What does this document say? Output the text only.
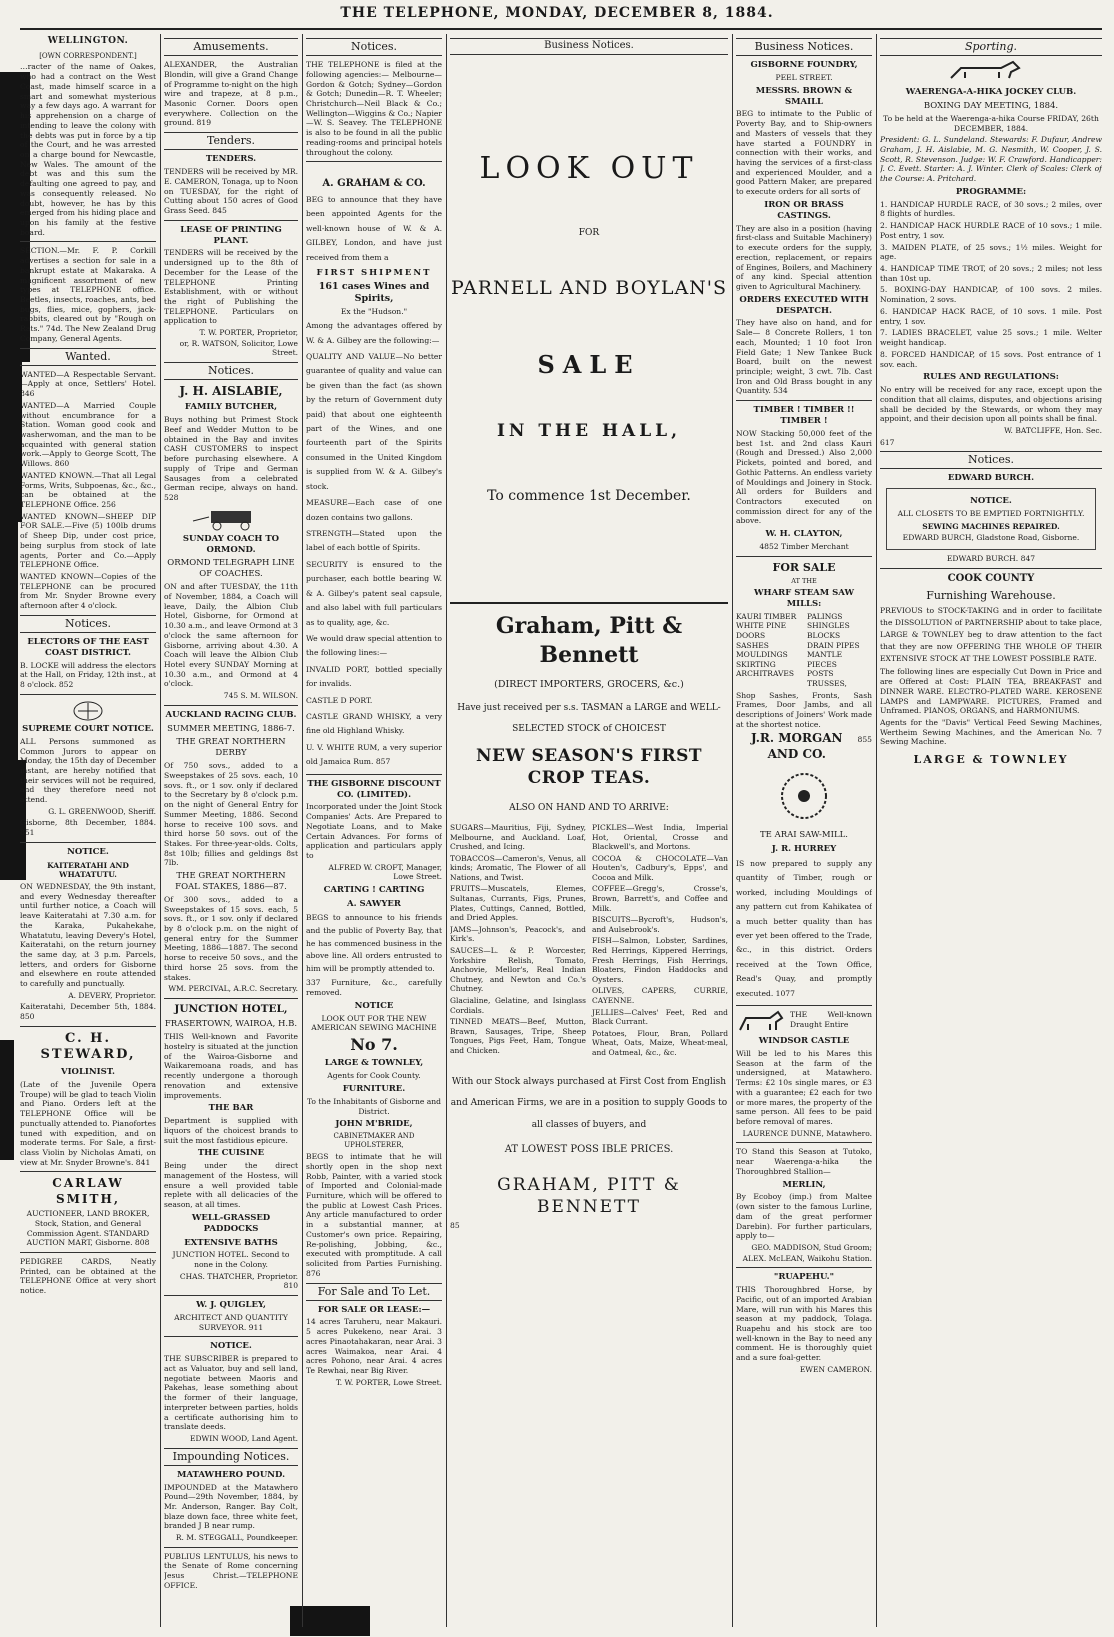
THE TELEPHONE, MONDAY, DECEMBER 8, 1884.
WELLINGTON.
[OWN CORRESPONDENT.]
…racter of the name of Oakes, who had a contract on the West Coast, made himself scarce in a smart and somewhat mysterious way a few days ago. A warrant for his apprehension on a charge of intending to leave the colony with the debts was put in force by a tip of the Court, and he was arrested on a charge bound for Newcastle, New Wales. The amount of the debt was and this sum the defaulting one agreed to pay, and was consequently released. No doubt, however, he has by this emerged from his hiding place and upon his family at the festive board.
SECTION.—Mr. F. P. Corkill advertises a section for sale in a bankrupt estate at Makaraka. A magnificent assortment of new types at TELEPHONE office. Beetles, insects, roaches, ants, bed bugs, flies, mice, gophers, jack-rabbits, cleared out by "Rough on Rats." 74d. The New Zealand Drug Company, General Agents.
Wanted.
WANTED—A Respectable Servant.—Apply at once, Settlers' Hotel. 846
WANTED—A Married Couple without encumbrance for a Station. Woman good cook and washerwoman, and the man to be acquainted with general station work.—Apply to George Scott, The Willows. 860
WANTED KNOWN.—That all Legal Forms, Writs, Subpoenas, &c., &c., can be obtained at the TELEPHONE Office. 256
WANTED KNOWN—SHEEP DIP FOR SALE.—Five (5) 100lb drums of Sheep Dip, under cost price, being surplus from stock of late agents, Porter and Co.—Apply TELEPHONE Office.
WANTED KNOWN—Copies of the TELEPHONE can be procured from Mr. Snyder Browne every afternoon after 4 o'clock.
Notices.
ELECTORS OF THE EAST COAST DISTRICT.
B. LOCKE will address the electors at the Hall, on Friday, 12th inst., at 8 o'clock. 852
SUPREME COURT NOTICE.
ALL Persons summoned as Common Jurors to appear on Monday, the 15th day of December instant, are hereby notified that their services will not be required, and they therefore need not attend.
G. L. GREENWOOD, Sheriff.
Gisborne, 8th December, 1884. 851
NOTICE.
KAITERATAHI AND WHATATUTU.
ON WEDNESDAY, the 9th instant, and every Wednesday thereafter until further notice, a Coach will leave Kaiteratahi at 7.30 a.m. for the Karaka, Pukahekahe, Whatatutu, leaving Devery's Hotel, Kaiteratahi, on the return journey the same day, at 3 p.m. Parcels, letters, and orders for Gisborne and elsewhere en route attended to carefully and punctually.
A. DEVERY, Proprietor.
Kaiteratahi, December 5th, 1884. 850
C. H. STEWARD,
VIOLINIST.
(Late of the Juvenile Opera Troupe) will be glad to teach Violin and Piano. Orders left at the TELEPHONE Office will be punctually attended to. Pianofortes tuned with expedition, and on moderate terms. For Sale, a first-class Violin by Nicholas Amati, on view at Mr. Snyder Browne's. 841
CARLAW SMITH,
AUCTIONEER, LAND BROKER, Stock, Station, and General Commission Agent. STANDARD AUCTION MART, Gisborne. 808
PEDIGREE CARDS, Neatly Printed, can be obtained at the TELEPHONE Office at very short notice.
Amusements.
ALEXANDER, the Australian Blondin, will give a Grand Change of Programme to-night on the high wire and trapeze, at 8 p.m., Masonic Corner. Doors open everywhere. Collection on the ground. 819
Tenders.
TENDERS.
TENDERS will be received by MR. E. CAMERON, Tonaga, up to Noon on TUESDAY, for the right of Cutting about 150 acres of Good Grass Seed. 845
LEASE OF PRINTING PLANT.
TENDERS will be received by the undersigned up to the 8th of December for the Lease of the TELEPHONE Printing Establishment, with or without the right of Publishing the TELEPHONE. Particulars on application to
T. W. PORTER, Proprietor,
or, R. WATSON, Solicitor, Lowe Street.
Notices.
J. H. AISLABIE,
FAMILY BUTCHER,
Buys nothing but Primest Stock Beef and Wedder Mutton to be obtained in the Bay and invites CASH CUSTOMERS to inspect before purchasing elsewhere. A supply of Tripe and German Sausages from a celebrated German recipe, always on hand. 528
SUNDAY COACH TO ORMOND.
ORMOND TELEGRAPH LINE OF COACHES.
ON and after TUESDAY, the 11th of November, 1884, a Coach will leave, Daily, the Albion Club Hotel, Gisborne, for Ormond at 10.30 a.m., and leave Ormond at 3 o'clock the same afternoon for Gisborne, arriving about 4.30. A Coach will leave the Albion Club Hotel every SUNDAY Morning at 10.30 a.m., and Ormond at 4 o'clock.
745 S. M. WILSON.
AUCKLAND RACING CLUB.
SUMMER MEETING, 1886-7.
THE GREAT NORTHERN DERBY
Of 750 sovs., added to a Sweepstakes of 25 sovs. each, 10 sovs. ft., or 1 sov. only if declared to the Secretary by 8 o'clock p.m. on the night of General Entry for Summer Meeting, 1886. Second horse to receive 100 sovs. and third horse 50 sovs. out of the Stakes. For three-year-olds. Colts, 8st 10lb; fillies and geldings 8st 7lb.
THE GREAT NORTHERN FOAL STAKES, 1886—87.
Of 300 sovs., added to a Sweepstakes of 15 sovs. each, 5 sovs. ft., or 1 sov. only if declared by 8 o'clock p.m. on the night of general entry for the Summer Meeting, 1886—1887. The second horse to receive 50 sovs., and the third horse 25 sovs. from the stakes.
WM. PERCIVAL, A.R.C. Secretary.
JUNCTION HOTEL,
FRASERTOWN, WAIROA, H.B.
THIS Well-known and Favorite hostelry is situated at the junction of the Wairoa-Gisborne and Waikaremoana roads, and has recently undergone a thorough renovation and extensive improvements.
THE BAR
Department is supplied with liquors of the choicest brands to suit the most fastidious epicure.
THE CUISINE
Being under the direct management of the Hostess, will ensure a well provided table replete with all delicacies of the season, at all times.
WELL-GRASSED PADDOCKS
EXTENSIVE BATHS
JUNCTION HOTEL. Second to none in the Colony.
CHAS. THATCHER, Proprietor. 810
W. J. QUIGLEY,
ARCHITECT AND QUANTITY SURVEYOR. 911
NOTICE.
THE SUBSCRIBER is prepared to act as Valuator, buy and sell land, negotiate between Maoris and Pakehas, lease something about the former of their language, interpreter between parties, holds a certificate authorising him to translate deeds.
EDWIN WOOD, Land Agent.
Impounding Notices.
MATAWHERO POUND.
IMPOUNDED at the Matawhero Pound—29th November, 1884, by Mr. Anderson, Ranger. Bay Colt, blaze down face, three white feet, branded J B near rump.
R. M. STEGGALL, Poundkeeper.
PUBLIUS LENTULUS, his news to the Senate of Rome concerning Jesus Christ.—TELEPHONE OFFICE.
Notices.
THE TELEPHONE is filed at the following agencies:— Melbourne—Gordon & Gotch; Sydney—Gordon & Gotch; Dunedin—R. T. Wheeler; Christchurch—Neil Black & Co.; Wellington—Wiggins & Co.; Napier—W. S. Seavey. The TELEPHONE is also to be found in all the public reading-rooms and principal hotels throughout the colony.
A. GRAHAM & CO.
BEG to announce that they have been appointed Agents for the well-known house of W. & A. GILBEY, London, and have just received from them a
FIRST SHIPMENT
161 cases Wines and Spirits,
Ex the "Hudson."
Among the advantages offered by W. & A. Gilbey are the following:—
QUALITY AND VALUE—No better guarantee of quality and value can be given than the fact (as shown by the return of Government duty paid) that about one eighteenth part of the Wines, and one fourteenth part of the Spirits consumed in the United Kingdom is supplied from W. & A. Gilbey's stock.
MEASURE—Each case of one dozen contains two gallons.
STRENGTH—Stated upon the label of each bottle of Spirits.
SECURITY is ensured to the purchaser, each bottle bearing W. & A. Gilbey's patent seal capsule, and also label with full particulars as to quality, age, &c.
We would draw special attention to the following lines:—
INVALID PORT, bottled specially for invalids.
CASTLE D PORT.
CASTLE GRAND WHISKY, a very fine old Highland Whisky.
U. V. WHITE RUM, a very superior old Jamaica Rum. 857
THE GISBORNE DISCOUNT CO. (LIMITED).
Incorporated under the Joint Stock Companies' Acts. Are Prepared to Negotiate Loans, and to Make Certain Advances. For forms of application and particulars apply to
ALFRED W. CROFT, Manager, Lowe Street.
CARTING ! CARTING
A. SAWYER
BEGS to announce to his friends and the public of Poverty Bay, that he has commenced business in the above line. All orders entrusted to him will be promptly attended to.
337 Furniture, &c., carefully removed.
NOTICE
LOOK OUT FOR THE NEW AMERICAN SEWING MACHINE
No 7.
LARGE & TOWNLEY,
Agents for Cook County.
FURNITURE.
To the Inhabitants of Gisborne and District.
JOHN M'BRIDE,
CABINETMAKER AND UPHOLSTERER,
BEGS to intimate that he will shortly open in the shop next Robb, Painter, with a varied stock of Imported and Colonial-made Furniture, which will be offered to the public at Lowest Cash Prices. Any article manufactured to order in a substantial manner, at Customer's own price. Repairing, Re-polishing, Jobbing, &c., executed with promptitude. A call solicited from Parties Furnishing. 876
For Sale and To Let.
FOR SALE OR LEASE:—
14 acres Taruheru, near Makauri. 5 acres Pukekeno, near Arai. 3 acres Pinaotahakaran, near Arai. 3 acres Waimakoa, near Arai. 4 acres Pohono, near Arai. 4 acres Te Rewhai, near Big River.
T. W. PORTER, Lowe Street.
Business Notices.
LOOK OUT
FOR
PARNELL AND BOYLAN'S
SALE
IN THE HALL,
To commence 1st December.
Graham, Pitt & Bennett
(DIRECT IMPORTERS, GROCERS, &c.)
Have just received per s.s. TASMAN a LARGE and WELL-
SELECTED STOCK of CHOICEST
NEW SEASON'S FIRST CROP TEAS.
ALSO ON HAND AND TO ARRIVE:
SUGARS—Mauritius, Fiji, Sydney, Melbourne, and Auckland. Loaf, Crushed, and Icing.
TOBACCOS—Cameron's, Venus, all kinds; Aromatic, The Flower of all Nations, and Twist.
FRUITS—Muscatels, Elemes, Sultanas, Currants, Figs, Prunes, Plates, Cuttings, Canned, Bottled, and Dried Apples.
JAMS—Johnson's, Peacock's, and Kirk's.
SAUCES—L. & P. Worcester, Yorkshire Relish, Tomato, Anchovie, Mellor's, Real Indian Chutney, and Newton and Co.'s Chutney.
Glacialine, Gelatine, and Isinglass Cordials.
TINNED MEATS—Beef, Mutton, Brawn, Sausages, Tripe, Sheep Tongues, Pigs Feet, Ham, Tongue and Chicken.
PICKLES—West India, Imperial Hot, Oriental, Crosse and Blackwell's, and Mortons.
COCOA & CHOCOLATE—Van Houten's, Cadbury's, Epps', and Cocoa and Milk.
COFFEE—Gregg's, Crosse's, Brown, Barrett's, and Coffee and Milk.
BISCUITS—Bycroft's, Hudson's, and Aulsebrook's.
FISH—Salmon, Lobster, Sardines, Red Herrings, Kippered Herrings, Fresh Herrings, Fish Herrings, Bloaters, Findon Haddocks and Oysters.
OLIVES, CAPERS, CURRIE, CAYENNE.
JELLIES—Calves' Feet, Red and Black Currant.
Potatoes, Flour, Bran, Pollard Wheat, Oats, Maize, Wheat-meal, and Oatmeal, &c., &c.
With our Stock always purchased at First Cost from English and American Firms, we are in a position to supply Goods to all classes of buyers, and
AT LOWEST POSS IBLE PRICES.
GRAHAM, PITT & BENNETT
85
Business Notices.
GISBORNE FOUNDRY,
PEEL STREET.
MESSRS. BROWN & SMAILL
BEG to intimate to the Public of Poverty Bay, and to Ship-owners and Masters of vessels that they have started a FOUNDRY in connection with their works, and having the services of a first-class and experienced Moulder, and a good Pattern Maker, are prepared to execute orders for all sorts of
IRON OR BRASS CASTINGS.
They are also in a position (having first-class and Suitable Machinery) to execute orders for the supply, erection, replacement, or repairs of Engines, Boilers, and Machinery of any kind. Special attention given to Agricultural Machinery.
ORDERS EXECUTED WITH DESPATCH.
They have also on hand, and for Sale— 8 Concrete Rollers, 1 ton each, Mounted; 1 10 foot Iron Field Gate; 1 New Tankee Buck Board, built on the newest principle; weight, 3 cwt. 7lb. Cast Iron and Old Brass bought in any Quantity. 534
TIMBER ! TIMBER !! TIMBER !
NOW Stacking 50,000 feet of the best 1st. and 2nd class Kauri (Rough and Dressed.) Also 2,000 Pickets, pointed and bored, and Gothic Patterns. An endless variety of Mouldings and Joinery in Stock. All orders for Builders and Contractors executed on commission direct for any of the above.
W. H. CLAYTON,
4852 Timber Merchant
FOR SALE
AT THE
WHARF STEAM SAW MILLS:
KAURI TIMBER
WHITE PINE
DOORS
SASHES
MOULDINGS
SKIRTING
ARCHITRAVES
PALINGS
SHINGLES
BLOCKS
DRAIN PIPES
MANTLE PIECES
POSTS
TRUSSES,
Shop Sashes, Fronts, Sash Frames, Door Jambs, and all descriptions of Joiners' Work made at the shortest notice.
J.R. MORGAN AND CO.
855
TE ARAI SAW-MILL.
J. R. HURREY
IS now prepared to supply any quantity of Timber, rough or worked, including Mouldings of any pattern cut from Kahikatea of a much better quality than has ever yet been offered to the Trade, &c., in this district. Orders received at the Town Office, Read's Quay, and promptly executed. 1077
THE Well-known Draught Entire
WINDSOR CASTLE
Will be led to his Mares this Season at the farm of the undersigned, at Matawhero. Terms: £2 10s single mares, or £3 with a guarantee; £2 each for two or more mares, the property of the same person. All fees to be paid before removal of mares.
LAURENCE DUNNE, Matawhero.
TO Stand this Season at Tutoko, near Waerenga-a-hika the Thoroughbred Stallion—
MERLIN,
By Ecoboy (imp.) from Maltee (own sister to the famous Lurline, dam of the great performer Darebin). For further particulars, apply to—
GEO. MADDISON, Stud Groom;
ALEX. McLEAN, Waikohu Station.
"RUAPEHU."
THIS Thoroughbred Horse, by Pacific, out of an imported Arabian Mare, will run with his Mares this season at my paddock, Tolaga. Ruapehu and his stock are too well-known in the Bay to need any comment. He is thoroughly quiet and a sure foal-getter.
EWEN CAMERON.
Sporting.
WAERENGA-A-HIKA JOCKEY CLUB.
BOXING DAY MEETING, 1884.
To be held at the Waerenga-a-hika Course FRIDAY, 26th DECEMBER, 1884.
President: G. L. Sundeland. Stewards: F. Dufaur, Andrew Graham, J. H. Aislabie, M. G. Nesmith, W. Cooper, J. S. Scott, R. Stevenson. Judge: W. F. Crawford. Handicapper: J. C. Evett. Starter: A. J. Winter. Clerk of Scales: Clerk of the Course: A. Pritchard.
PROGRAMME:
1. HANDICAP HURDLE RACE, of 30 sovs.; 2 miles, over 8 flights of hurdles.
2. HANDICAP HACK HURDLE RACE of 10 sovs.; 1 mile. Post entry, 1 sov.
3. MAIDEN PLATE, of 25 sovs.; 1½ miles. Weight for age.
4. HANDICAP TIME TROT, of 20 sovs.; 2 miles; not less than 10st up.
5. BOXING-DAY HANDICAP, of 100 sovs. 2 miles. Nomination, 2 sovs.
6. HANDICAP HACK RACE, of 10 sovs. 1 mile. Post entry, 1 sov.
7. LADIES BRACELET, value 25 sovs.; 1 mile. Welter weight handicap.
8. FORCED HANDICAP, of 15 sovs. Post entrance of 1 sov. each.
RULES AND REGULATIONS:
No entry will be received for any race, except upon the condition that all claims, disputes, and objections arising shall be decided by the Stewards, or whom they may appoint, and their decision upon all points shall be final.
W. BATCLIFFE, Hon. Sec.
617
Notices.
EDWARD BURCH.
NOTICE.
ALL CLOSETS TO BE EMPTIED FORTNIGHTLY.
SEWING MACHINES REPAIRED.
EDWARD BURCH, Gladstone Road, Gisborne.
EDWARD BURCH. 847
COOK COUNTY
Furnishing Warehouse.
PREVIOUS to STOCK-TAKING and in order to facilitate the DISSOLUTION of PARTNERSHIP about to take place, LARGE & TOWNLEY beg to draw attention to the fact that they are now OFFERING THE WHOLE OF THEIR EXTENSIVE STOCK AT THE LOWEST POSSIBLE RATE.
The following lines are especially Cut Down in Price and are Offered at Cost: PLAIN TEA, BREAKFAST and DINNER WARE. ELECTRO-PLATED WARE. KEROSENE LAMPS and LAMPWARE. PICTURES, Framed and Unframed. PIANOS, ORGANS, and HARMONIUMS.
Agents for the "Davis" Vertical Feed Sewing Machines, Wertheim Sewing Machines, and the American No. 7 Sewing Machine.
LARGE & TOWNLEY
